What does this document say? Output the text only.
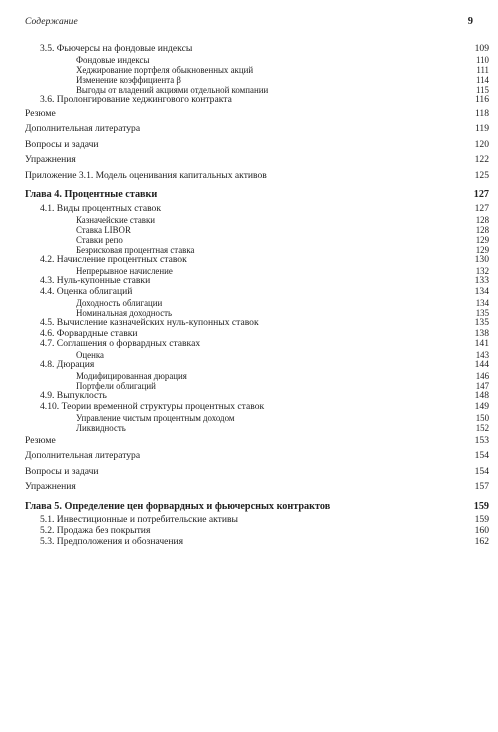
Содержание	9
3.5. Фьючерсы на фондовые индексы	109
Фондовые индексы	110
Хеджирование портфеля обыкновенных акций	111
Изменение коэффициента β	114
Выгоды от владений акциями отдельной компании	115
3.6. Пролонгирование хеджингового контракта	116
Резюме	118
Дополнительная литература	119
Вопросы и задачи	120
Упражнения	122
Приложение 3.1. Модель оценивания капитальных активов	125
Глава 4. Процентные ставки	127
4.1. Виды процентных ставок	127
Казначейские ставки	128
Ставка LIBOR	128
Ставки репо	129
Безрисковая процентная ставка	129
4.2. Начисление процентных ставок	130
Непрерывное начисление	132
4.3. Нуль-купонные ставки	133
4.4. Оценка облигаций	134
Доходность облигации	134
Номинальная доходность	135
4.5. Вычисление казначейских нуль-купонных ставок	135
4.6. Форвардные ставки	138
4.7. Соглашения о форвардных ставках	141
Оценка	143
4.8. Дюрация	144
Модифицированная дюрация	146
Портфели облигаций	147
4.9. Выпуклость	148
4.10. Теории временной структуры процентных ставок	149
Управление чистым процентным доходом	150
Ликвидность	152
Резюме	153
Дополнительная литература	154
Вопросы и задачи	154
Упражнения	157
Глава 5. Определение цен форвардных и фьючерсных контрактов	159
5.1. Инвестиционные и потребительские активы	159
5.2. Продажа без покрытия	160
5.3. Предположения и обозначения	162
